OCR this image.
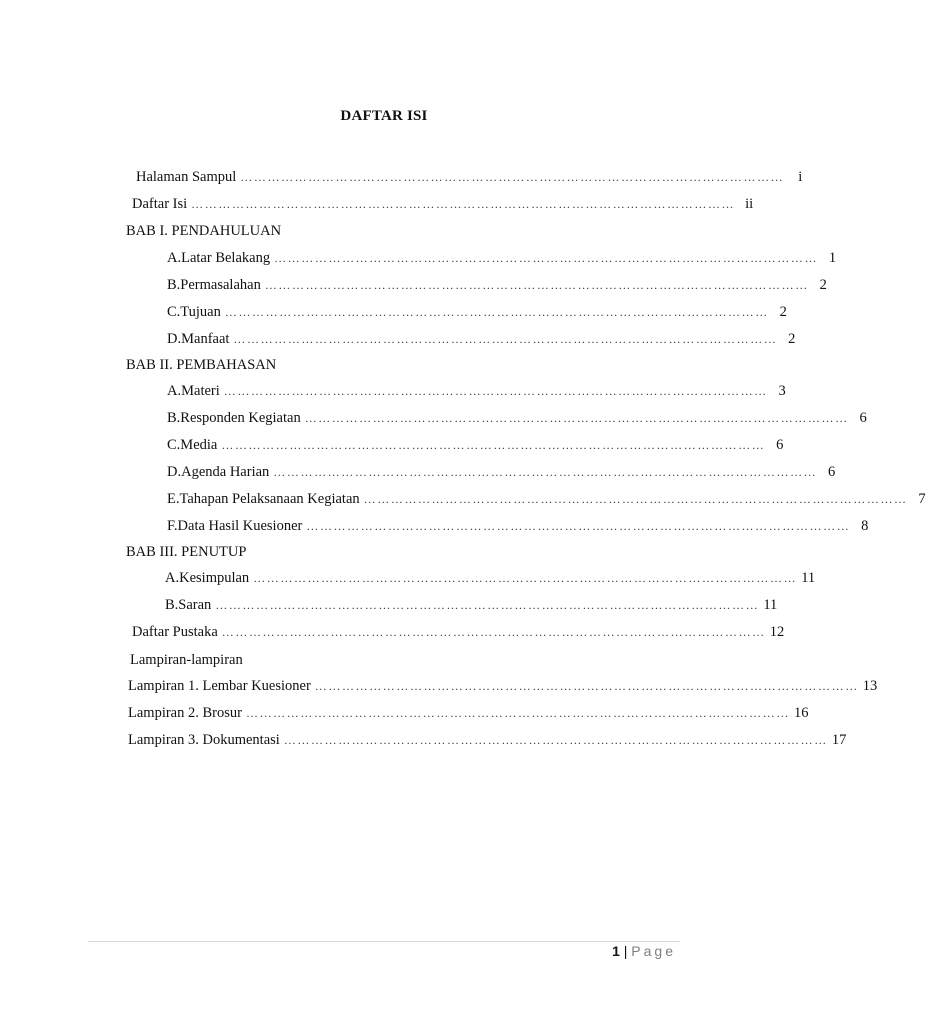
DAFTAR ISI
Halaman Sampul ………………………………………………………………………………………………………… i
Daftar Isi ………………………………………………………………………………………………………… ii
BAB I. PENDAHULUAN
A. Latar Belakang ………………………………………………………………………………………………………… 1
B. Permasalahan ………………………………………………………………………………………………………… 2
C. Tujuan ………………………………………………………………………………………………………… 2
D. Manfaat ………………………………………………………………………………………………………… 2
BAB II. PEMBAHASAN
A. Materi ………………………………………………………………………………………………………… 3
B. Responden Kegiatan ………………………………………………………………………………………………………… 6
C. Media ………………………………………………………………………………………………………… 6
D. Agenda Harian ………………………………………………………………………………………………………… 6
E. Tahapan Pelaksanaan Kegiatan ………………………………………………………………………………………………………… 7
F. Data Hasil Kuesioner ………………………………………………………………………………………………………… 8
BAB III. PENUTUP
A. Kesimpulan ………………………………………………………………………………………………………… 11
B. Saran ………………………………………………………………………………………………………… 11
Daftar Pustaka ………………………………………………………………………………………………………… 12
Lampiran-lampiran
Lampiran 1. Lembar Kuesioner ………………………………………………………………………………………………………… 13
Lampiran 2. Brosur ………………………………………………………………………………………………………… 16
Lampiran 3. Dokumentasi ………………………………………………………………………………………………………… 17
1 | Page
